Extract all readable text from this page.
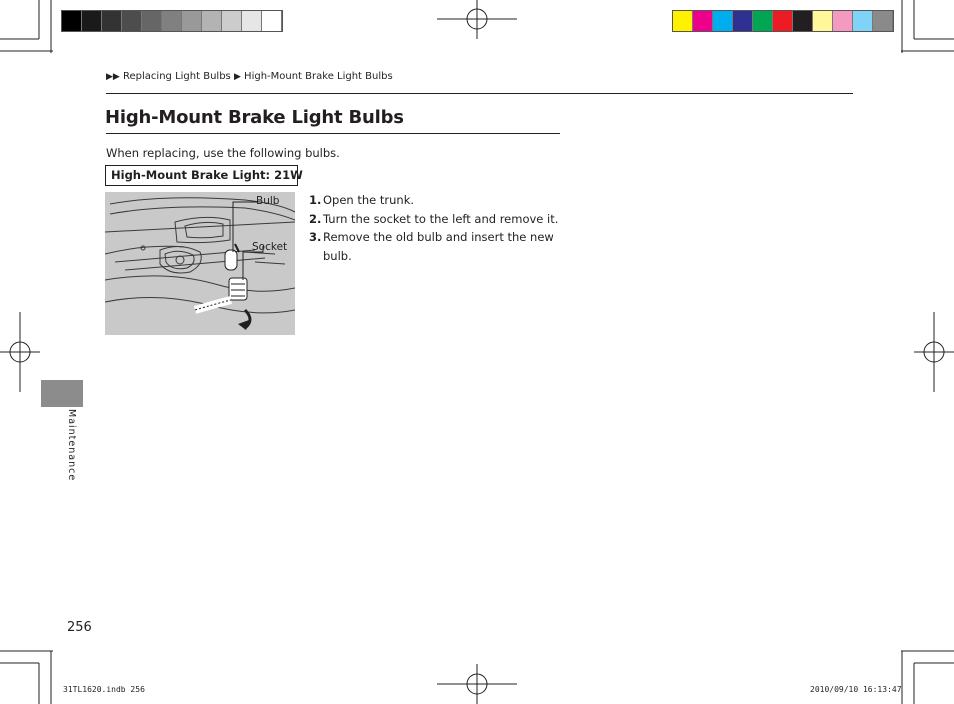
▶▶ Replacing Light Bulbs ▶ High-Mount Brake Light Bulbs
High-Mount Brake Light Bulbs
When replacing, use the following bulbs.
High-Mount Brake Light: 21W
Bulb
Socket
1. Open the trunk.
2. Turn the socket to the left and remove it.
3. Remove the old bulb and insert the new bulb.
Maintenance
256
31TL1620.indb 256	2010/09/10 16:13:47
